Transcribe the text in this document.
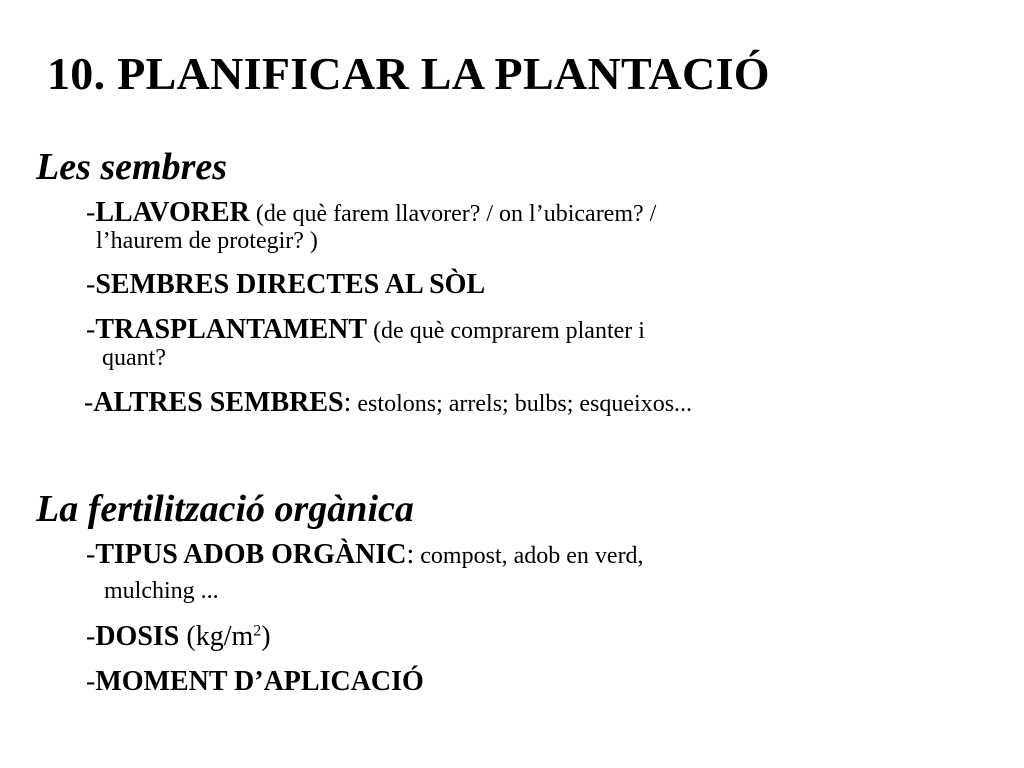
10. PLANIFICAR LA PLANTACIÓ
Les sembres
-LLAVORER (de què farem llavorer? / on l’ubicarem? /
l’haurem de protegir? )
-SEMBRES DIRECTES AL SÒL
-TRASPLANTAMENT (de què comprarem planter i
quant?
-ALTRES SEMBRES: estolons; arrels; bulbs; esqueixos...
La fertilització orgànica
-TIPUS ADOB ORGÀNIC: compost, adob en verd,
mulching ...
-DOSIS $(kg/m^2)$
-MOMENT D’APLICACIÓ
